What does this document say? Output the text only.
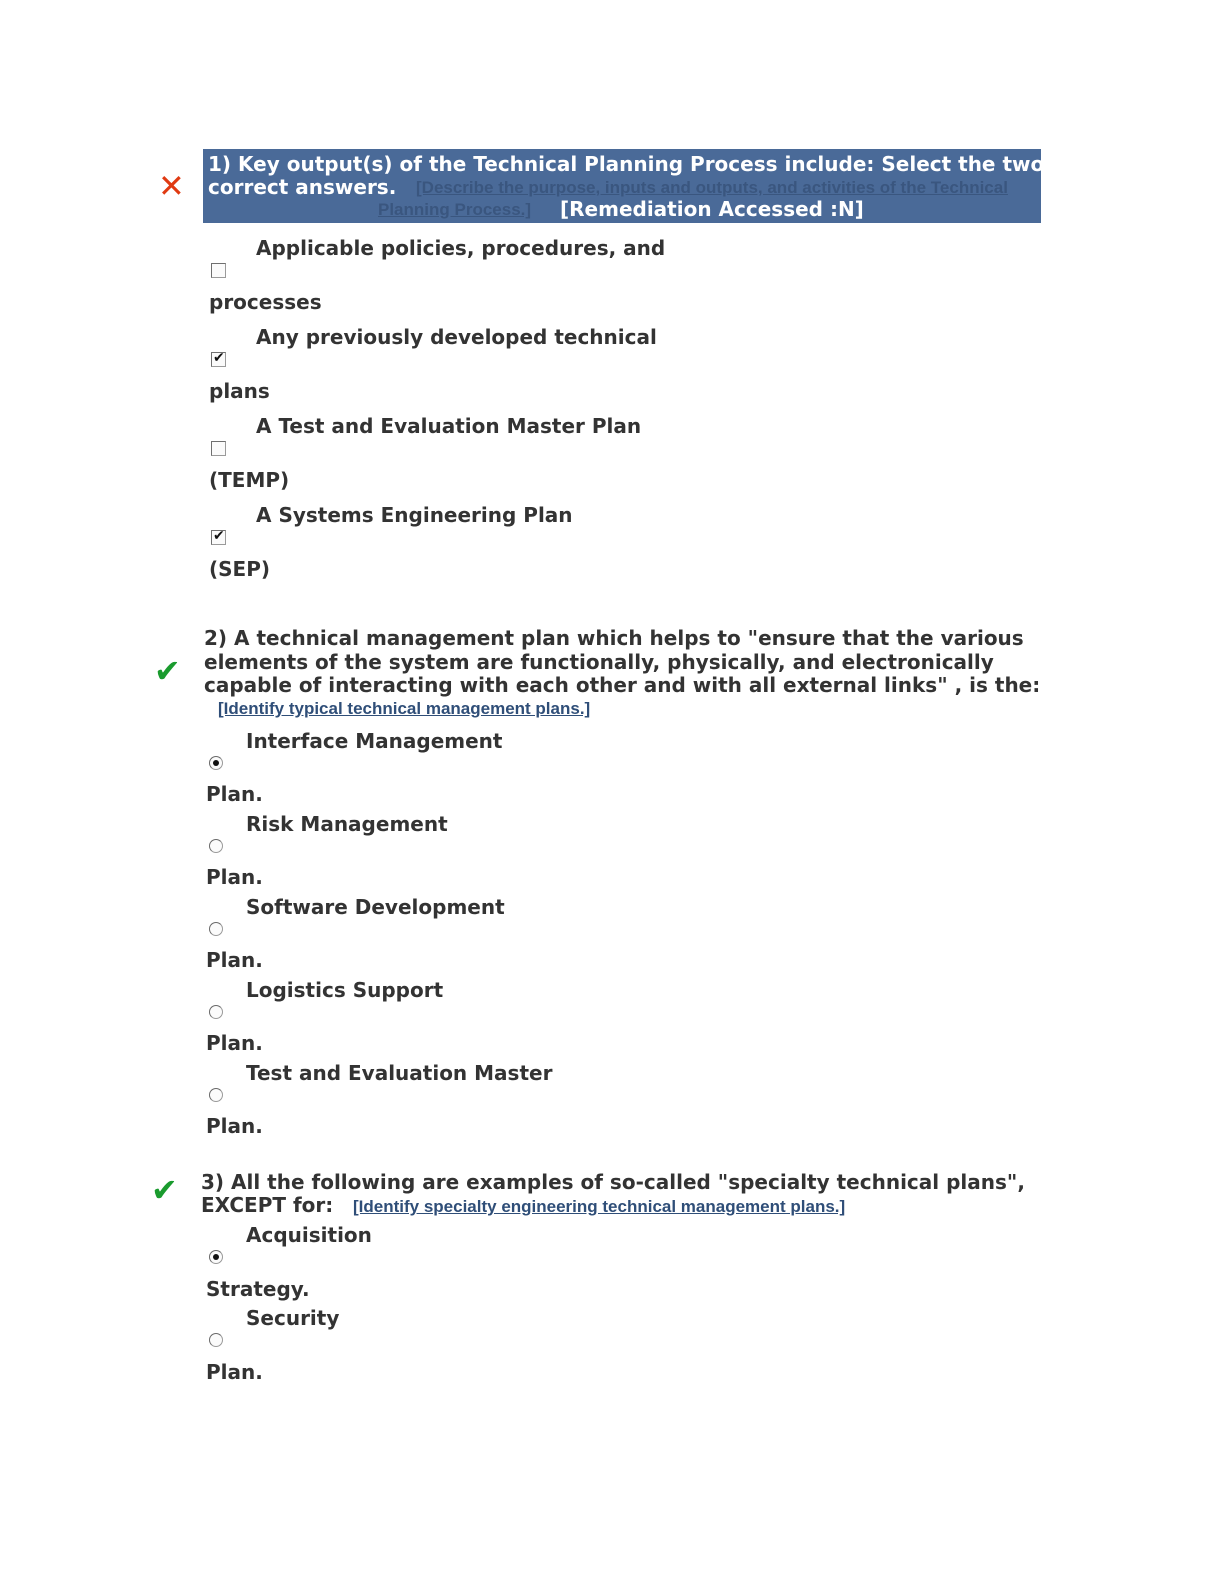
✕
1) Key output(s) of the Technical Planning Process include: Select the two
correct answers. [Describe the purpose, inputs and outputs, and activities of the Technical
Planning Process.] [Remediation Accessed :N]
Applicable policies, procedures, and
processes
Any previously developed technical
✔
plans
A Test and Evaluation Master Plan
(TEMP)
A Systems Engineering Plan
✔
(SEP)
✔
2) A technical management plan which helps to "ensure that the various
elements of the system are functionally, physically, and electronically
capable of interacting with each other and with all external links" , is the:
[Identify typical technical management plans.]
Interface Management
Plan.
Risk Management
Plan.
Software Development
Plan.
Logistics Support
Plan.
Test and Evaluation Master
Plan.
✔ 3) All the following are examples of so-called "specialty technical plans",
EXCEPT for: [Identify specialty engineering technical management plans.]
Acquisition
Strategy.
Security
Plan.
